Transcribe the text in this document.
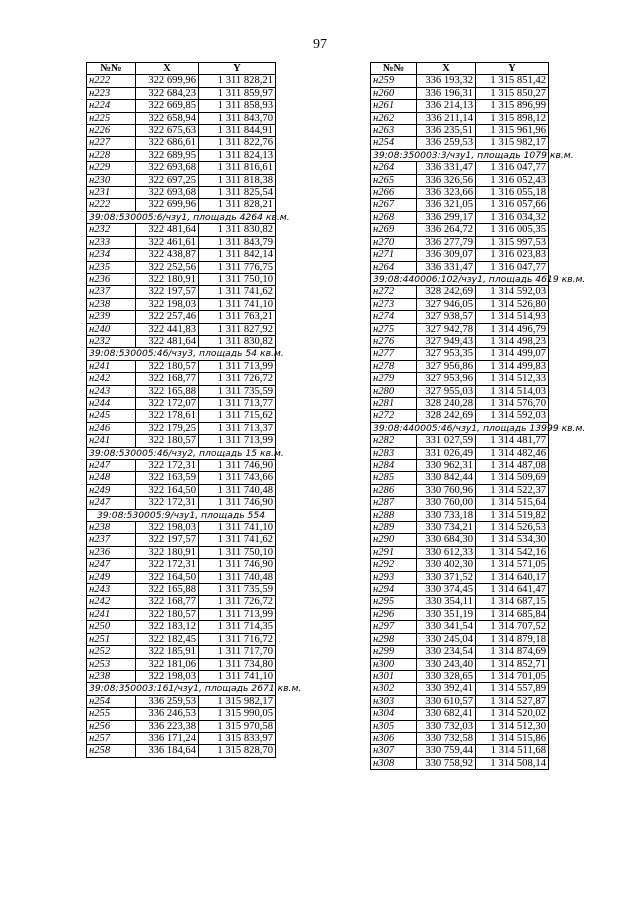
97
№№	X	Y
н222	322 699,96	1 311 828,21
н223	322 684,23	1 311 859,97
н224	322 669,85	1 311 858,93
н225	322 658,94	1 311 843,70
н226	322 675,63	1 311 844,91
н227	322 686,61	1 311 822,76
н228	322 689,95	1 311 824,13
н229	322 693,68	1 311 816,61
н230	322 697,25	1 311 818,38
н231	322 693,68	1 311 825,54
н222	322 699,96	1 311 828,21
39:08:530005:6/чзу1, площадь 4264 кв.м.		
н232	322 481,64	1 311 830,82
н233	322 461,61	1 311 843,79
н234	322 438,87	1 311 842,14
н235	322 252,56	1 311 776,75
н236	322 180,91	1 311 750,10
н237	322 197,57	1 311 741,62
н238	322 198,03	1 311 741,10
н239	322 257,46	1 311 763,21
н240	322 441,83	1 311 827,92
н232	322 481,64	1 311 830,82
39:08:530005:46/чзу3, площадь 54 кв.м.		
н241	322 180,57	1 311 713,99
н242	322 168,77	1 311 726,72
н243	322 165,88	1 311 735,59
н244	322 172,07	1 311 713,77
н245	322 178,61	1 311 715,62
н246	322 179,25	1 311 713,37
н241	322 180,57	1 311 713,99
39:08:530005:46/чзу2, площадь 15 кв.м.		
н247	322 172,31	1 311 746,90
н248	322 163,59	1 311 743,66
н249	322 164,50	1 311 740,48
н247	322 172,31	1 311 746,90
39:08:530005:9/чзу1, площадь 554		
н238	322 198,03	1 311 741,10
н237	322 197,57	1 311 741,62
н236	322 180,91	1 311 750,10
н247	322 172,31	1 311 746,90
н249	322 164,50	1 311 740,48
н243	322 165,88	1 311 735,59
н242	322 168,77	1 311 726,72
н241	322 180,57	1 311 713,99
н250	322 183,12	1 311 714,35
н251	322 182,45	1 311 716,72
н252	322 185,91	1 311 717,70
н253	322 181,06	1 311 734,80
н238	322 198,03	1 311 741,10
39:08:350003:161/чзу1, площадь 2671 кв.м.		
н254	336 259,53	1 315 982,17
н255	336 246,53	1 315 990,05
н256	336 223,38	1 315 970,58
н257	336 171,24	1 315 833,97
н258	336 184,64	1 315 828,70
№№	X	Y
н259	336 193,32	1 315 851,42
н260	336 196,31	1 315 850,27
н261	336 214,13	1 315 896,99
н262	336 211,14	1 315 898,12
н263	336 235,51	1 315 961,96
н254	336 259,53	1 315 982,17
39:08:350003:3/чзу1, площадь 1079 кв.м.		
н264	336 331,47	1 316 047,77
н265	336 326,56	1 316 052,43
н266	336 323,66	1 316 055,18
н267	336 321,05	1 316 057,66
н268	336 299,17	1 316 034,32
н269	336 264,72	1 316 005,35
н270	336 277,79	1 315 997,53
н271	336 309,07	1 316 023,83
н264	336 331,47	1 316 047,77
39:08:440006:102/чзу1, площадь 4619 кв.м.		
н272	328 242,69	1 314 592,03
н273	327 946,05	1 314 526,80
н274	327 938,57	1 314 514,93
н275	327 942,78	1 314 496,79
н276	327 949,43	1 314 498,23
н277	327 953,35	1 314 499,07
н278	327 956,86	1 314 499,83
н279	327 953,96	1 314 512,33
н280	327 955,03	1 314 514,03
н281	328 240,28	1 314 576,70
н272	328 242,69	1 314 592,03
39:08:440005:46/чзу1, площадь 13999 кв.м.		
н282	331 027,59	1 314 481,77
н283	331 026,49	1 314 482,46
н284	330 962,31	1 314 487,08
н285	330 842,44	1 314 509,69
н286	330 760,96	1 314 522,37
н287	330 760,00	1 314 515,64
н288	330 733,18	1 314 519,82
н289	330 734,21	1 314 526,53
н290	330 684,30	1 314 534,30
н291	330 612,33	1 314 542,16
н292	330 402,30	1 314 571,05
н293	330 371,52	1 314 640,17
н294	330 374,45	1 314 641,47
н295	330 354,11	1 314 687,15
н296	330 351,19	1 314 685,84
н297	330 341,54	1 314 707,52
н298	330 245,04	1 314 879,18
н299	330 234,54	1 314 874,69
н300	330 243,40	1 314 852,71
н301	330 328,65	1 314 701,05
н302	330 392,41	1 314 557,89
н303	330 610,57	1 314 527,87
н304	330 682,41	1 314 520,02
н305	330 732,03	1 314 512,30
н306	330 732,58	1 314 515,86
н307	330 759,44	1 314 511,68
н308	330 758,92	1 314 508,14
